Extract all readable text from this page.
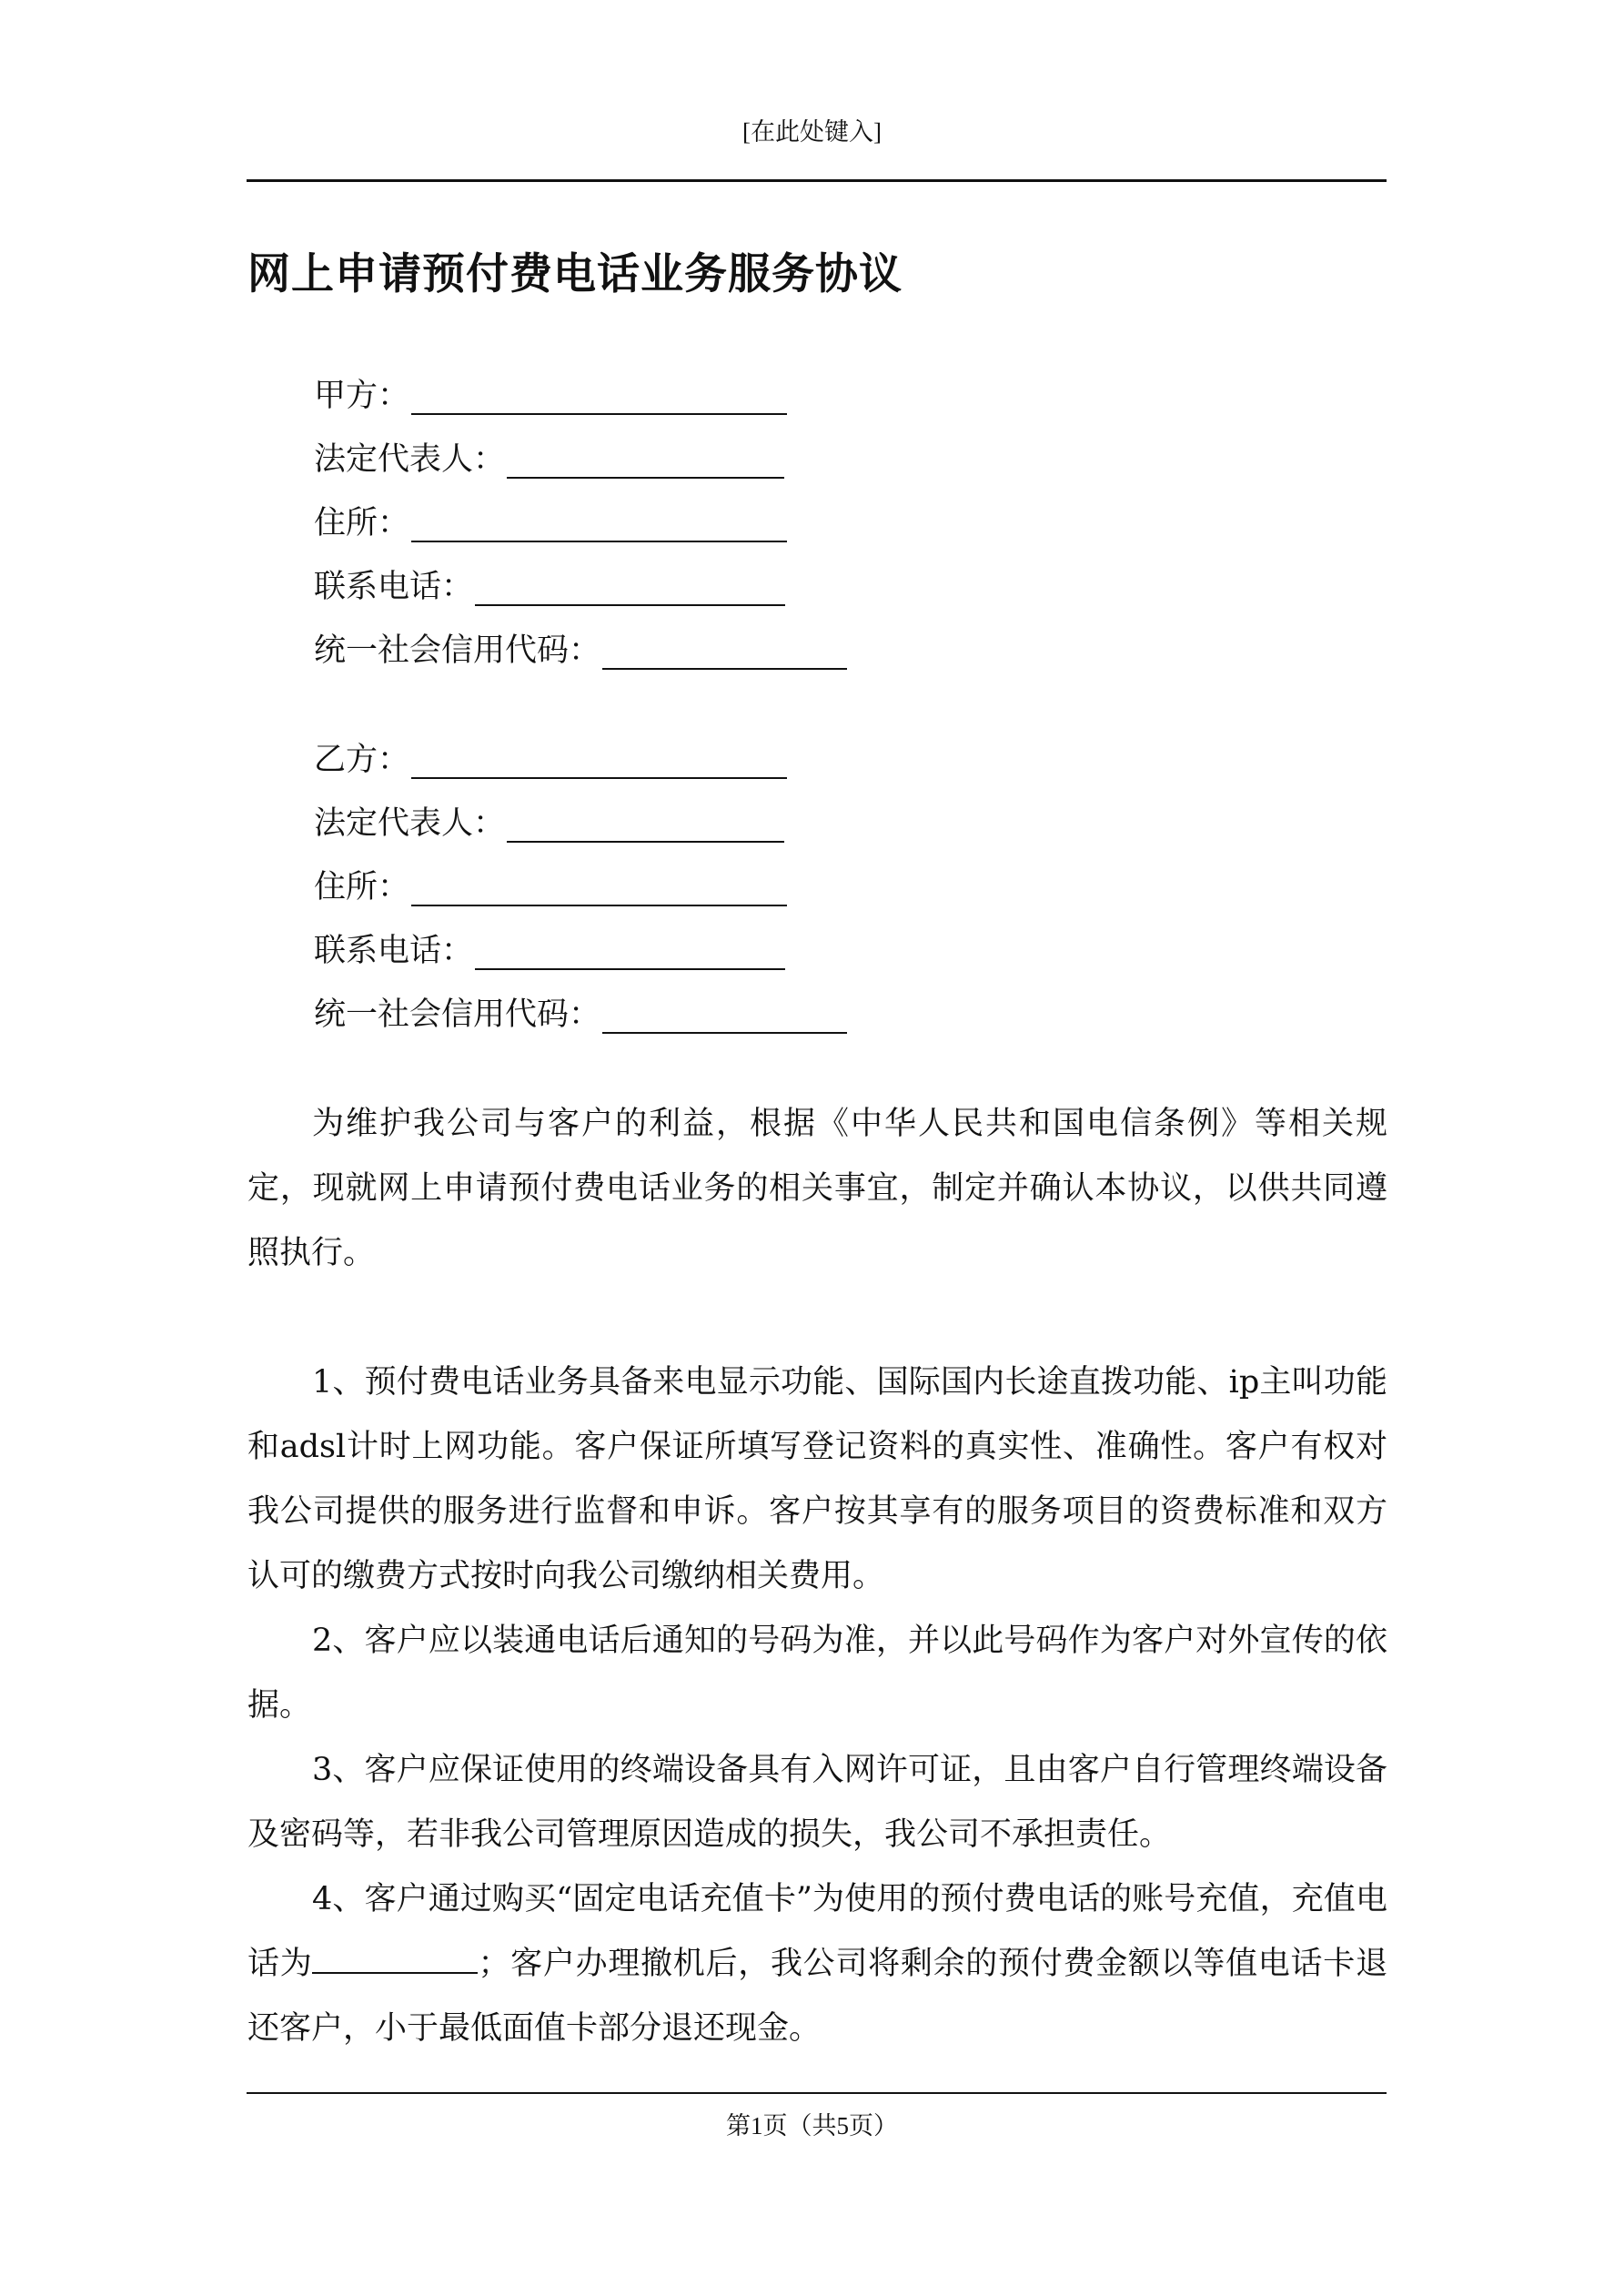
[在此处键入]
网上申请预付费电话业务服务协议
甲方：
法定代表人：
住所：
联系电话：
统一社会信用代码：
乙方：
法定代表人：
住所：
联系电话：
统一社会信用代码：

为维护我公司与客户的利益，根据《中华人民共和国电信条例》等相关规定，现就网上申请预付费电话业务的相关事宜，制定并确认本协议，以供共同遵照执行。

1、预付费电话业务具备来电显示功能、国际国内长途直拨功能、ip主叫功能和adsl计时上网功能。客户保证所填写登记资料的真实性、准确性。客户有权对我公司提供的服务进行监督和申诉。客户按其享有的服务项目的资费标准和双方认可的缴费方式按时向我公司缴纳相关费用。

2、客户应以装通电话后通知的号码为准，并以此号码作为客户对外宣传的依据。

3、客户应保证使用的终端设备具有入网许可证，且由客户自行管理终端设备及密码等，若非我公司管理原因造成的损失，我公司不承担责任。

4、客户通过购买“固定电话充值卡”为使用的预付费电话的账号充值，充值电话为	；客户办理撤机后，我公司将剩余的预付费金额以等值电话卡退还客户，小于最低面值卡部分退还现金。

第1页（共5页）
